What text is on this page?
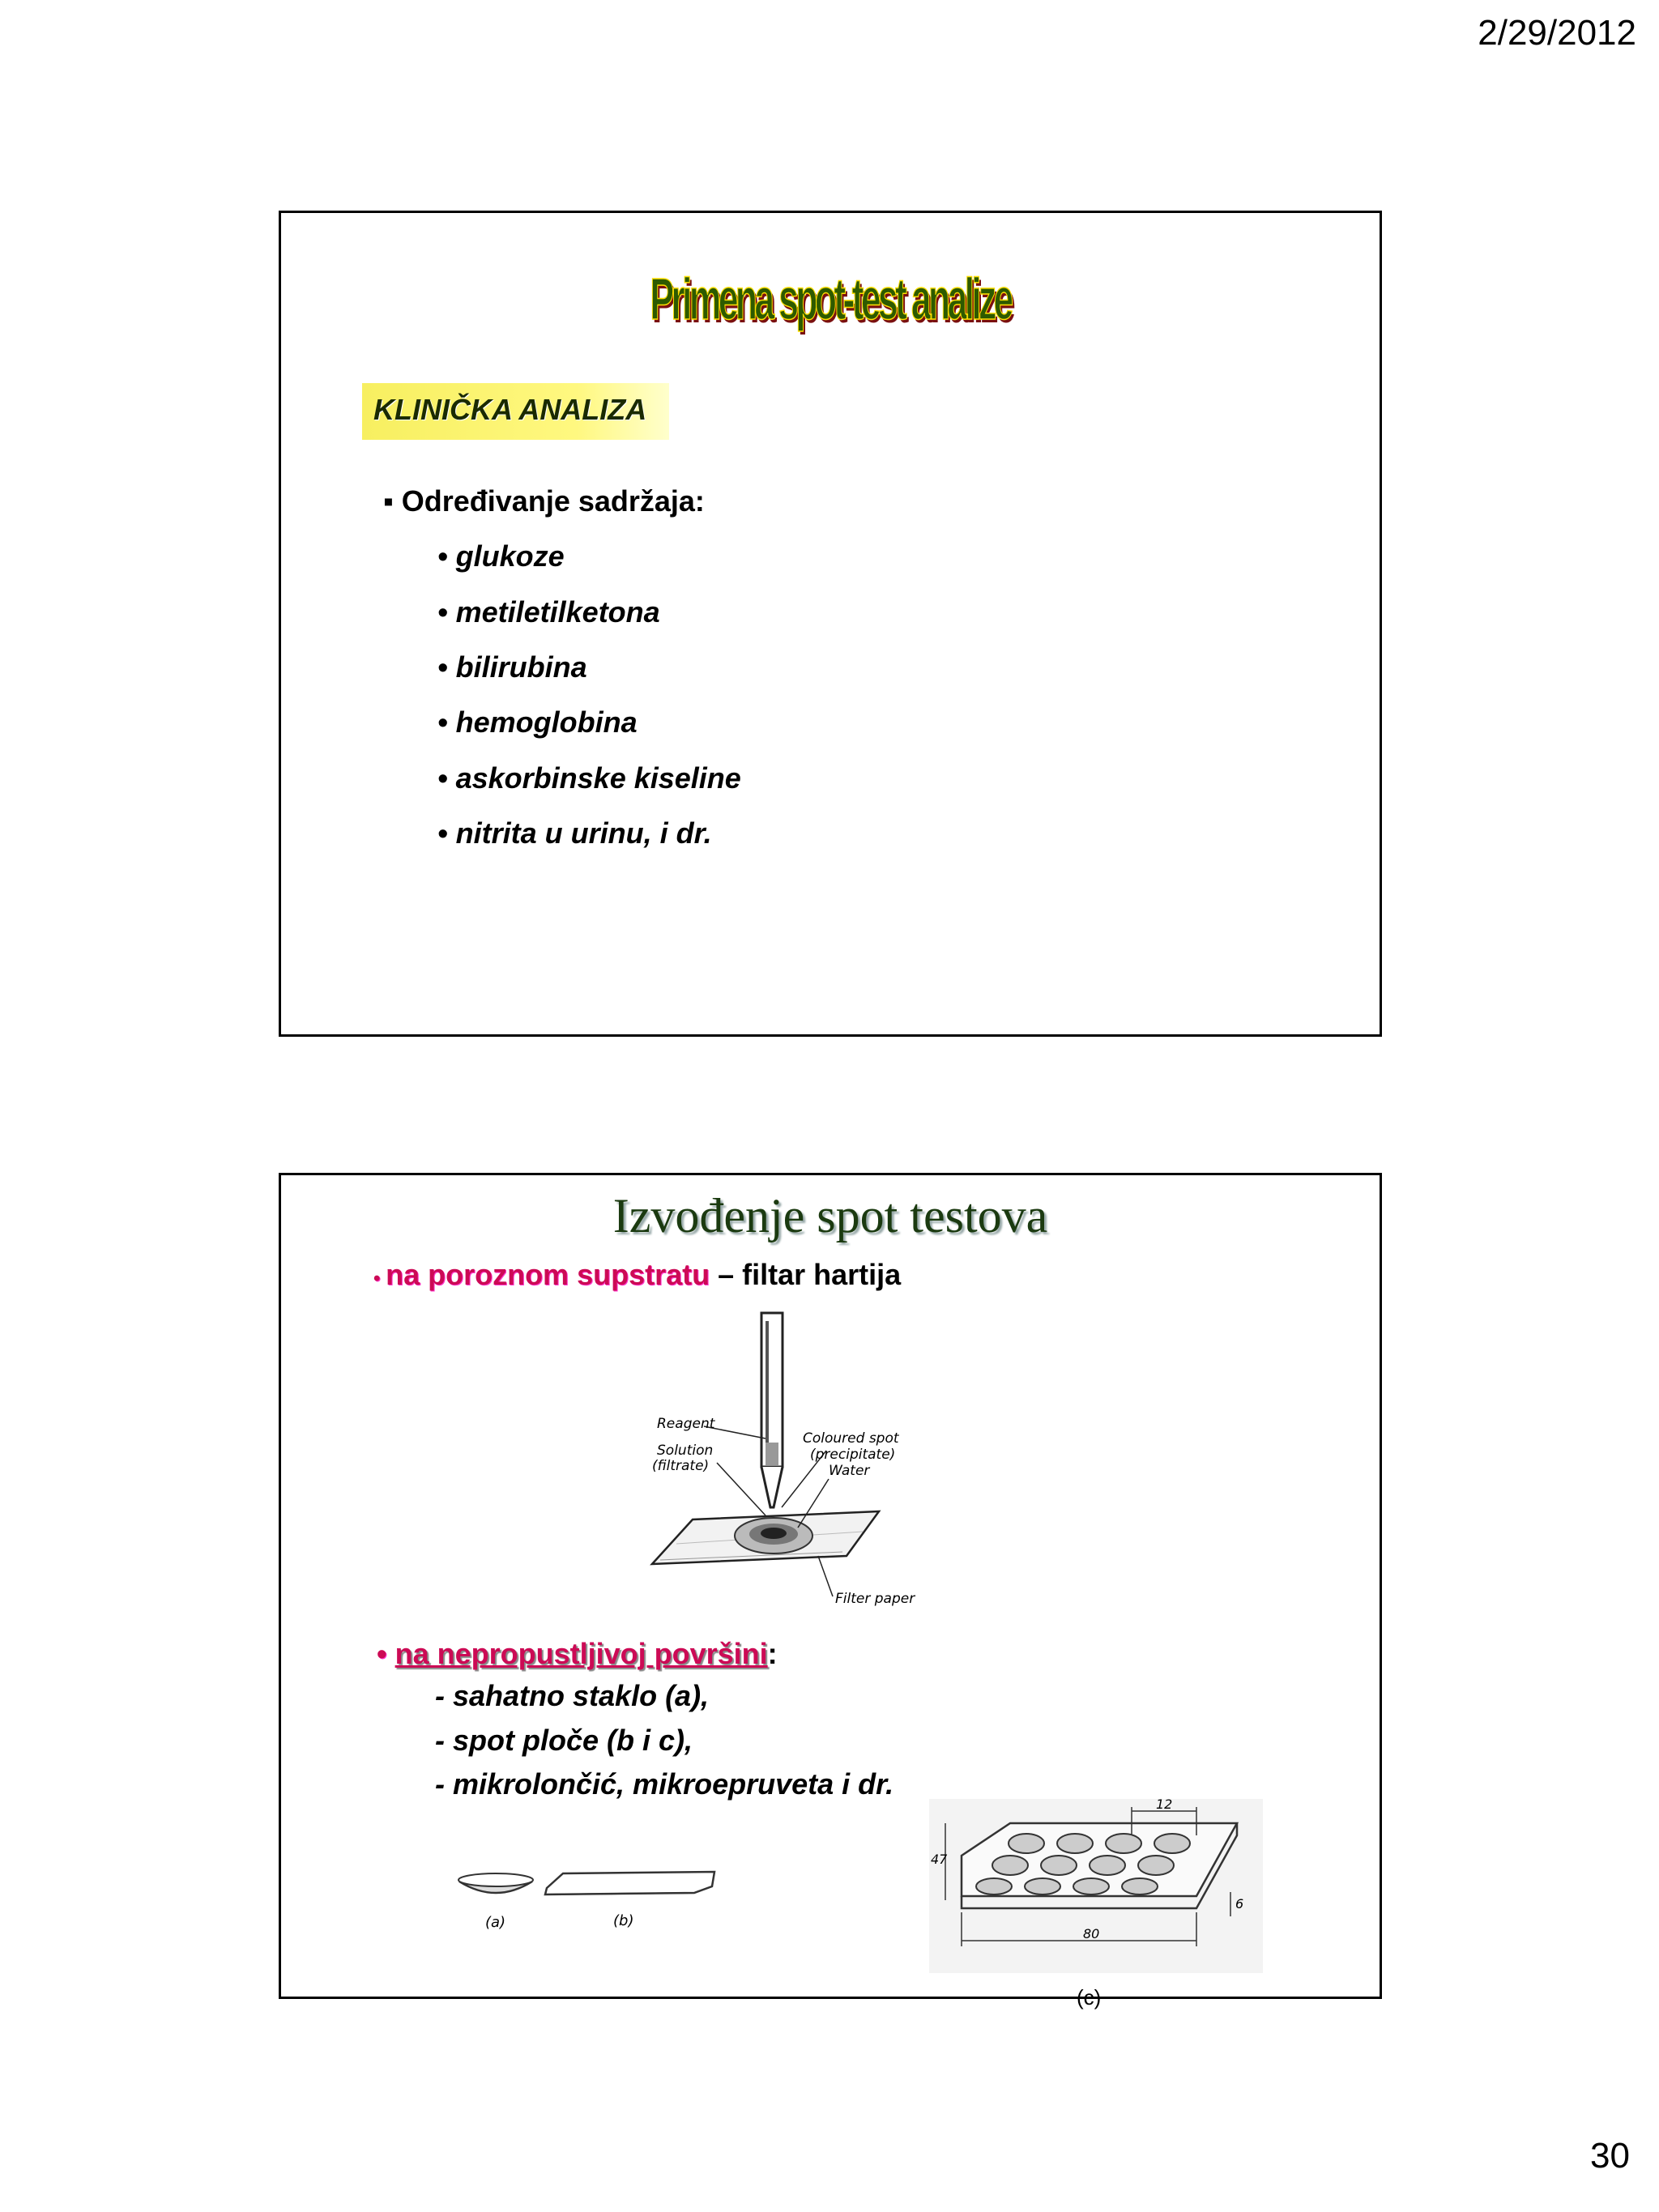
2/29/2012
Primena spot-test analize
KLINIČKA ANALIZA
▪ Određivanje sadržaja:
• glukoze
• metiletilketona
• bilirubina
• hemoglobina
• askorbinske kiseline
• nitrita u urinu, i dr.
Izvođenje spot testova
• na poroznom supstratu – filtar hartija
Reagent
Solution
(filtrate)
Coloured spot
(precipitate)
Water
Filter paper
• na nepropustljivoj površini:
- sahatno staklo (a),
- spot ploče (b i c),
- mikrolončić, mikroepruveta i dr.
(a)	(b)
12
47
80
6
(c)
30
